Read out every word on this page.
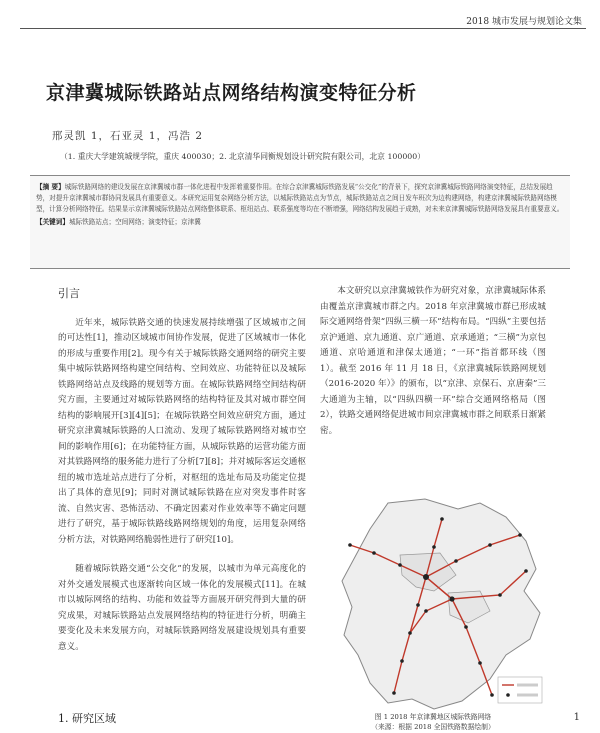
2018 城市发展与规划论文集
京津冀城际铁路站点网络结构演变特征分析
邢灵凯 1，石亚灵 1，冯浩 2
（1. 重庆大学建筑城规学院，重庆 400030；2. 北京清华同衡规划设计研究院有限公司，北京 100000）
【摘 要】城际铁路网络的建设发展在京津冀城市群一体化进程中发挥着重要作用。在综合京津冀城际铁路发展“公交化”的背景下，探究京津冀城际铁路网络演变特征，总结发展趋势，对提升京津冀城市群协同发展具有重要意义。本研究运用复杂网络分析方法，以城际铁路站点为节点，城际铁路站点之间日发车班次为边构建网络，构建京津冀城际铁路网络模型，计算分析网络特征。结果显示京津冀城际铁路站点网络整体联系、枢纽站点、联系强度等均在不断增强，网络结构发展趋于成熟，对未来京津冀城际铁路网络发展具有重要意义。
【关键词】城际铁路站点；空间网络；演变特征；京津冀
引言

近年来，城际铁路交通的快速发展持续增强了区域城市之间的可达性[1]，推动区域城市间协作发展，促进了区域城市一体化的形成与重要作用[2]。现今有关于城际铁路交通网络的研究主要集中城际铁路网络构建空间结构、空间效应、功能特征以及城际铁路网络站点及线路的规划等方面。在城际铁路网络空间结构研究方面，主要通过对城际铁路网络的结构特征及其对城市群空间结构的影响展开[3][4][5]；在城际铁路空间效应研究方面，通过研究京津冀城际铁路的人口流动、发现了城际铁路网络对城市空间的影响作用[6]；在功能特征方面，从城际铁路的运营功能方面对其铁路网络的服务能力进行了分析[7][8]；并对城际客运交通枢纽的城市选址站点进行了分析，对枢纽的选址布局及功能定位提出了具体的意见[9]；同时对测试城际铁路在应对突发事件时客流、自然灾害、恐怖活动、不确定因素对作业效率等不确定问题进行了研究，基于城际铁路线路网络规划的角度，运用复杂网络分析方法，对铁路网络脆弱性进行了研究[10]。

随着城际铁路交通“公交化”的发展，以城市为单元高度化的对外交通发展模式也逐渐转向区域一体化的发展模式[11]。在城市以城际网络的结构、功能和效益等方面展开研究得到大量的研究成果，对城际铁路站点发展网络结构的特征进行分析，明确主要变化及未来发展方向，对城际铁路网络发展建设规划具有重要意义。

1. 研究区域

本文研究以京津冀城铁作为研究对象，京津冀城际体系由覆盖京津冀城市群之内。2018 年京津冀城市群已形成城际交通网络骨架“四纵三横一环”结构布局。“四纵”主要包括京沪通道、京九通道、京广通道、京承通道；“三横”为京包通道、京哈通道和津保太通道；“一环”指首都环线（图 1）。截至 2016 年 11 月 18 日，《京津冀城际铁路网规划（2016-2020 年）》的颁布，以“京津、京保石、京唐秦”三大通道为主轴，以“四纵四横一环”综合交通网络格局（图 2），铁路交通网络促进城市间京津冀城市群之间联系日渐紧密。

图 1 2018 年京津冀地区城际铁路网络
（来源：根据 2018 全国铁路数据绘制）
1
